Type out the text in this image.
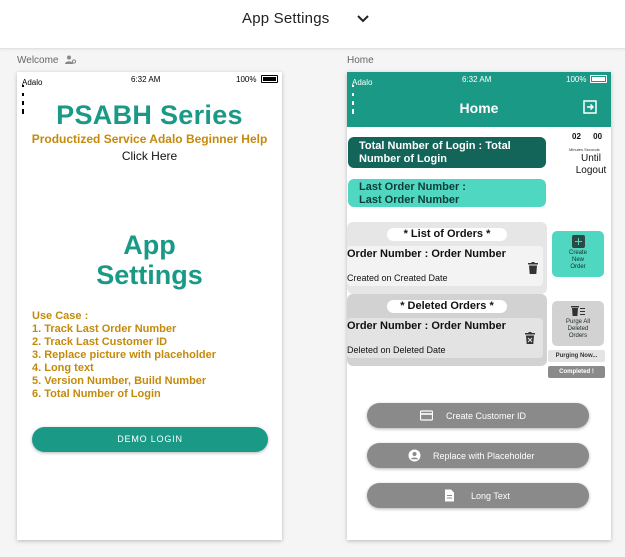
App Settings
Welcome	Home
Adalo	6:32 AM	100%
PSABH Series
Productized Service Adalo Beginner Help
Click Here
App
Settings
Use Case :
1. Track Last Order Number
2. Track Last Customer ID
3. Replace picture with placeholder
4. Long text
5. Version Number, Build Number
6. Total Number of Login
DEMO LOGIN
Adalo	6:32 AM	100%
Home
Total Number of Login : Total
Number of Login
Last Order Number :
Last Order Number
02 00
Minutes Seconds
Until
Logout
* List of Orders *
Order Number : Order Number
Created on Created Date
Create
New
Order
* Deleted Orders *
Order Number : Order Number
Deleted on Deleted Date
Purge All
Deleted
Orders
Purging Now...
Completed !
Create Customer ID
Replace with Placeholder
Long Text
